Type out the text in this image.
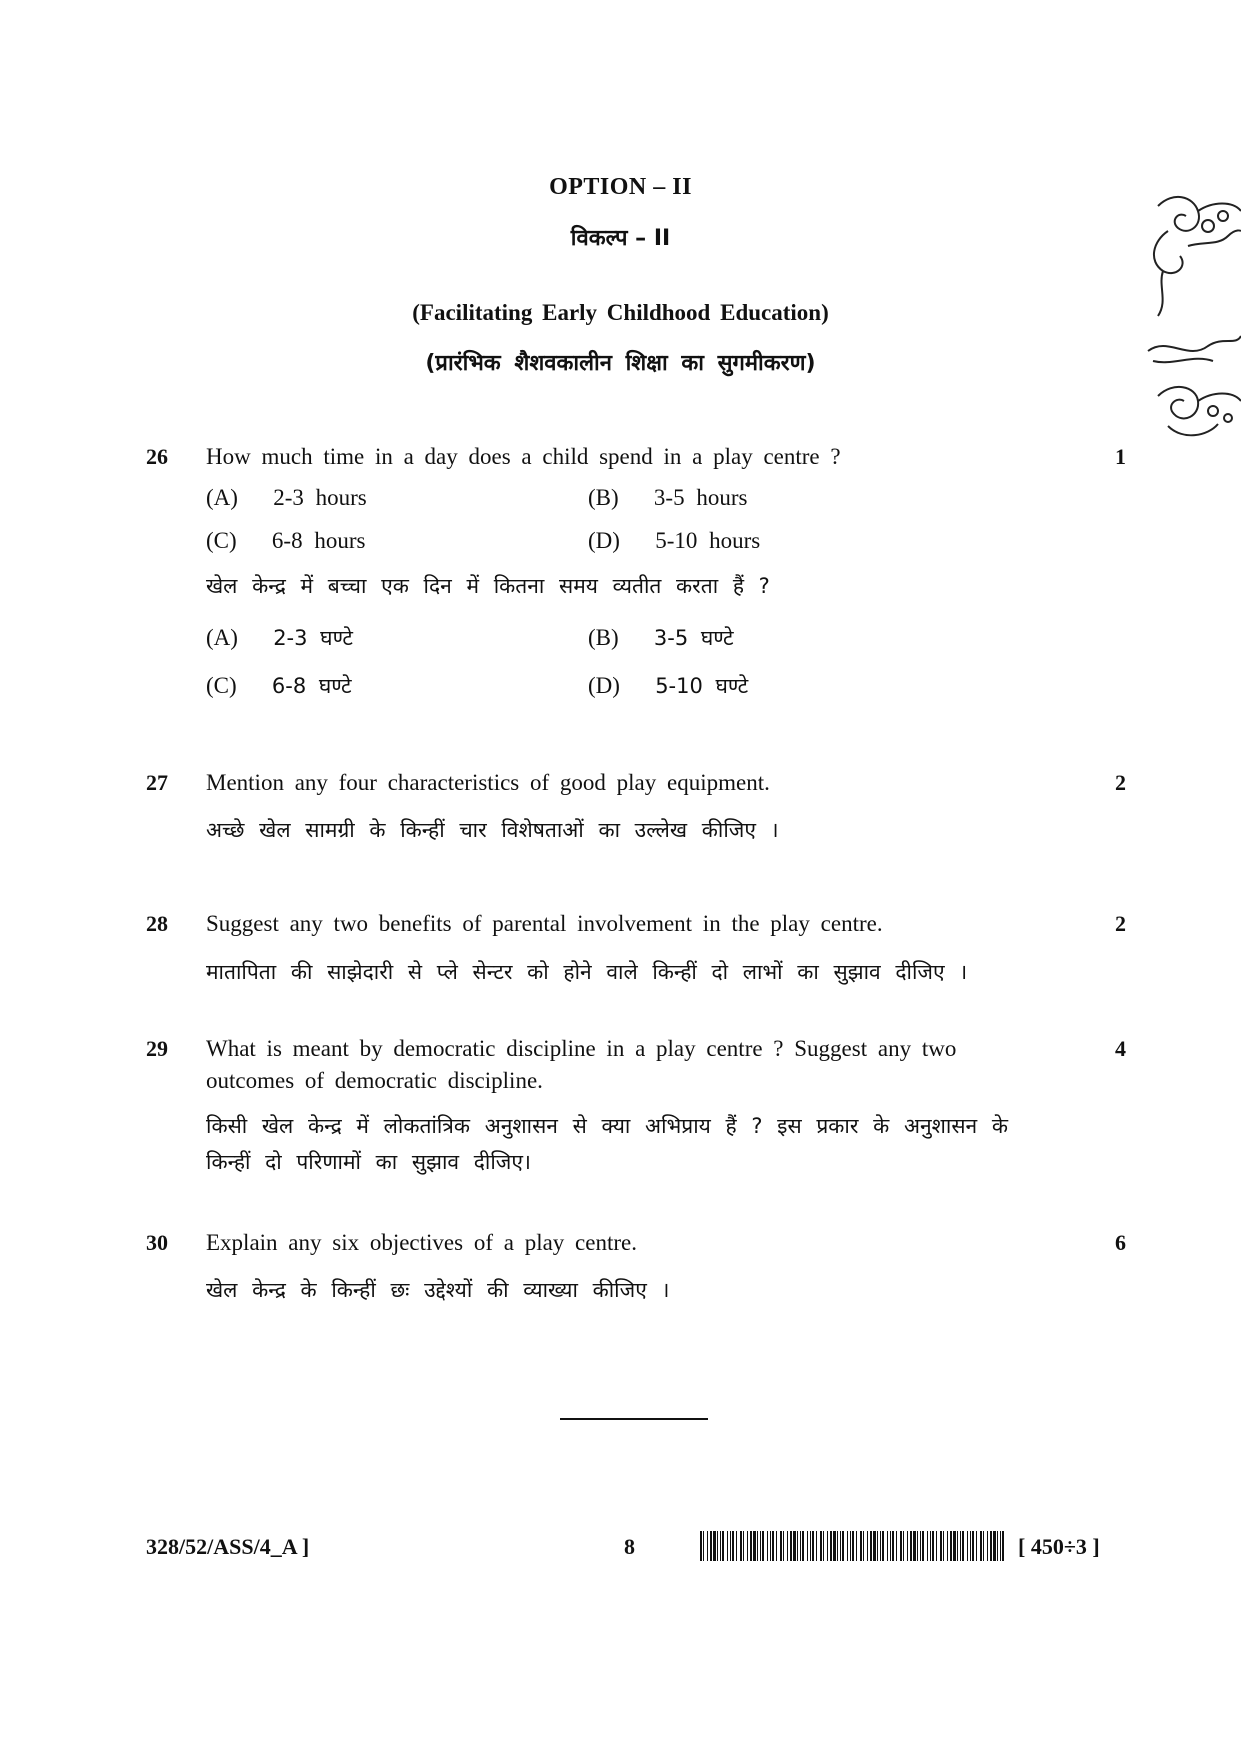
OPTION – II
विकल्प – II
(Facilitating Early Childhood Education)
(प्रारंभिक शैशवकालीन शिक्षा का सुगमीकरण)
26 How much time in a day does a child spend in a play centre ?	1
(A) 2-3 hours	(B) 3-5 hours
(C) 6-8 hours	(D) 5-10 hours
खेल केन्द्र में बच्चा एक दिन में कितना समय व्यतीत करता हैं ?
(A) 2-3 घण्टे	(B) 3-5 घण्टे
(C) 6-8 घण्टे	(D) 5-10 घण्टे
27 Mention any four characteristics of good play equipment.	2
अच्छे खेल सामग्री के किन्हीं चार विशेषताओं का उल्लेख कीजिए ।
28 Suggest any two benefits of parental involvement in the play centre.	2
मातापिता की साझेदारी से प्ले सेन्टर को होने वाले किन्हीं दो लाभों का सुझाव दीजिए ।
29 What is meant by democratic discipline in a play centre ? Suggest any two outcomes of democratic discipline.
4
किसी खेल केन्द्र में लोकतांत्रिक अनुशासन से क्या अभिप्राय हैं ? इस प्रकार के अनुशासन के किन्हीं दो परिणामों का सुझाव दीजिए।
30 Explain any six objectives of a play centre.	6
खेल केन्द्र के किन्हीं छः उद्देश्यों की व्याख्या कीजिए ।
328/52/ASS/4_A ]	8	[ 450÷3 ]
